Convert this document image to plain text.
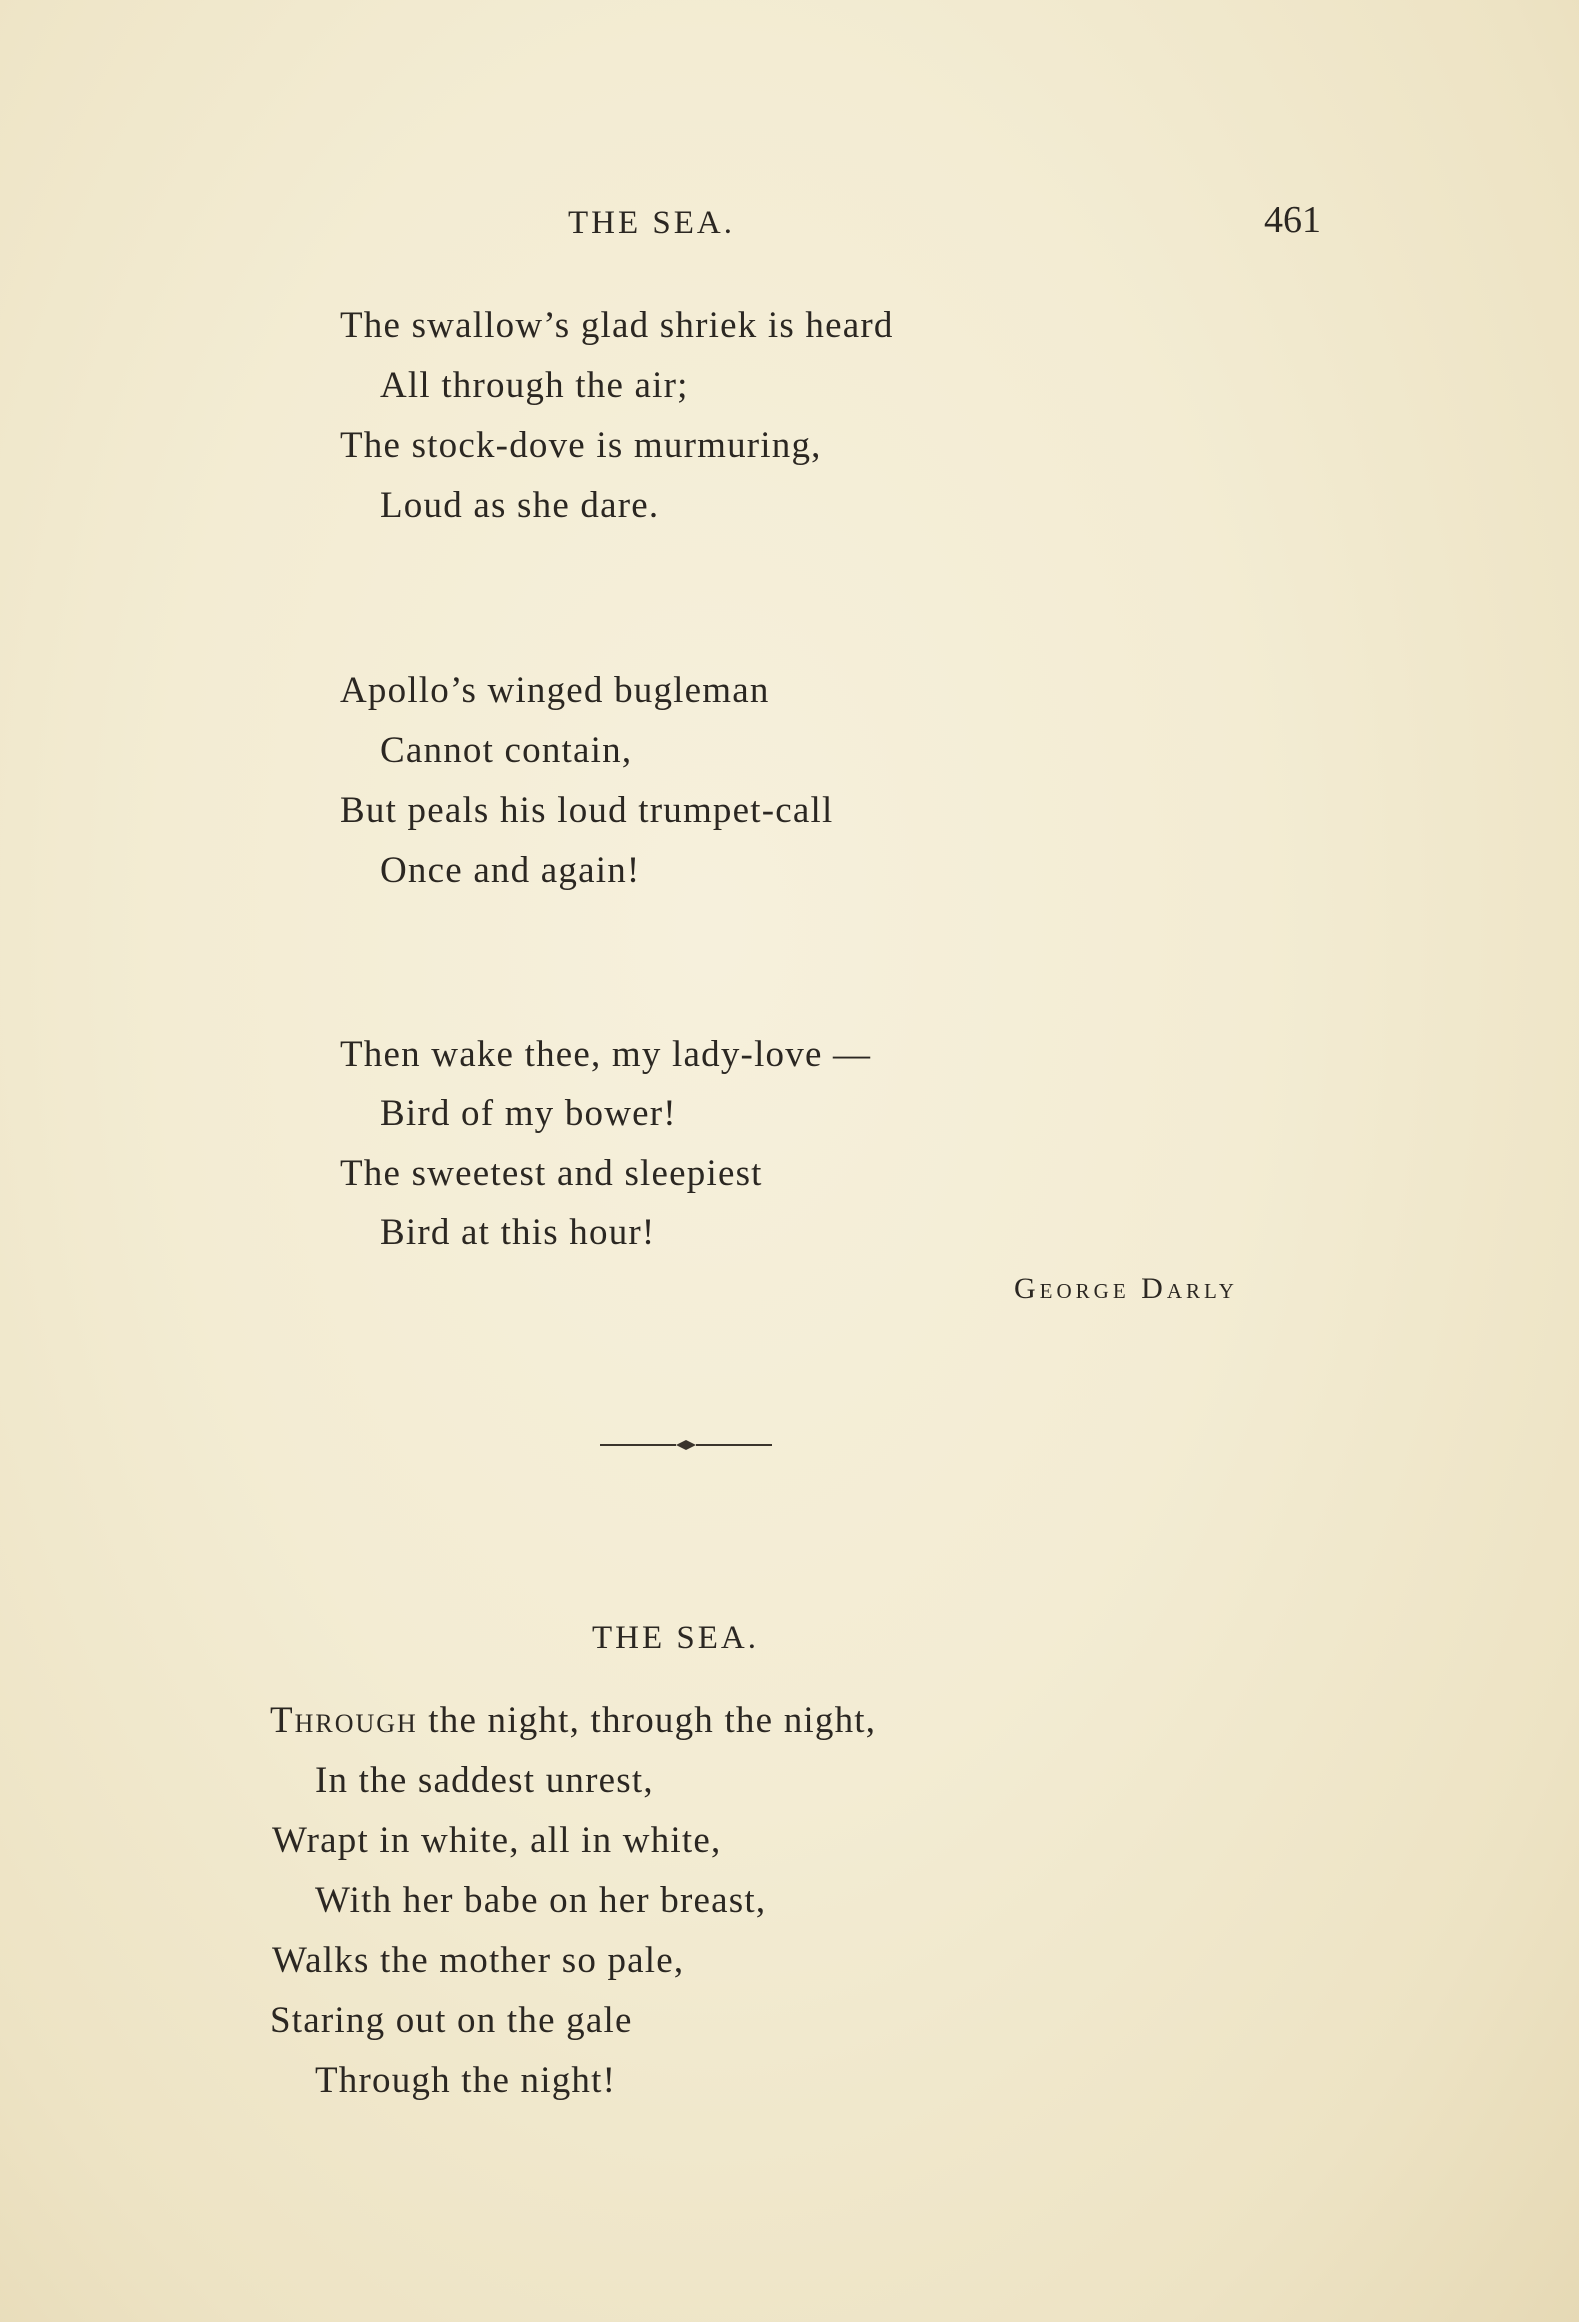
THE SEA.	461
The swallow’s glad shriek is heard
All through the air;
The stock-dove is murmuring,
Loud as she dare.
Apollo’s winged bugleman
Cannot contain,
But peals his loud trumpet-call
Once and again!
Then wake thee, my lady-love —
Bird of my bower!
The sweetest and sleepiest
Bird at this hour!
George Darly
THE SEA.
Through the night, through the night,
In the saddest unrest,
Wrapt in white, all in white,
With her babe on her breast,
Walks the mother so pale,
Staring out on the gale
Through the night!
